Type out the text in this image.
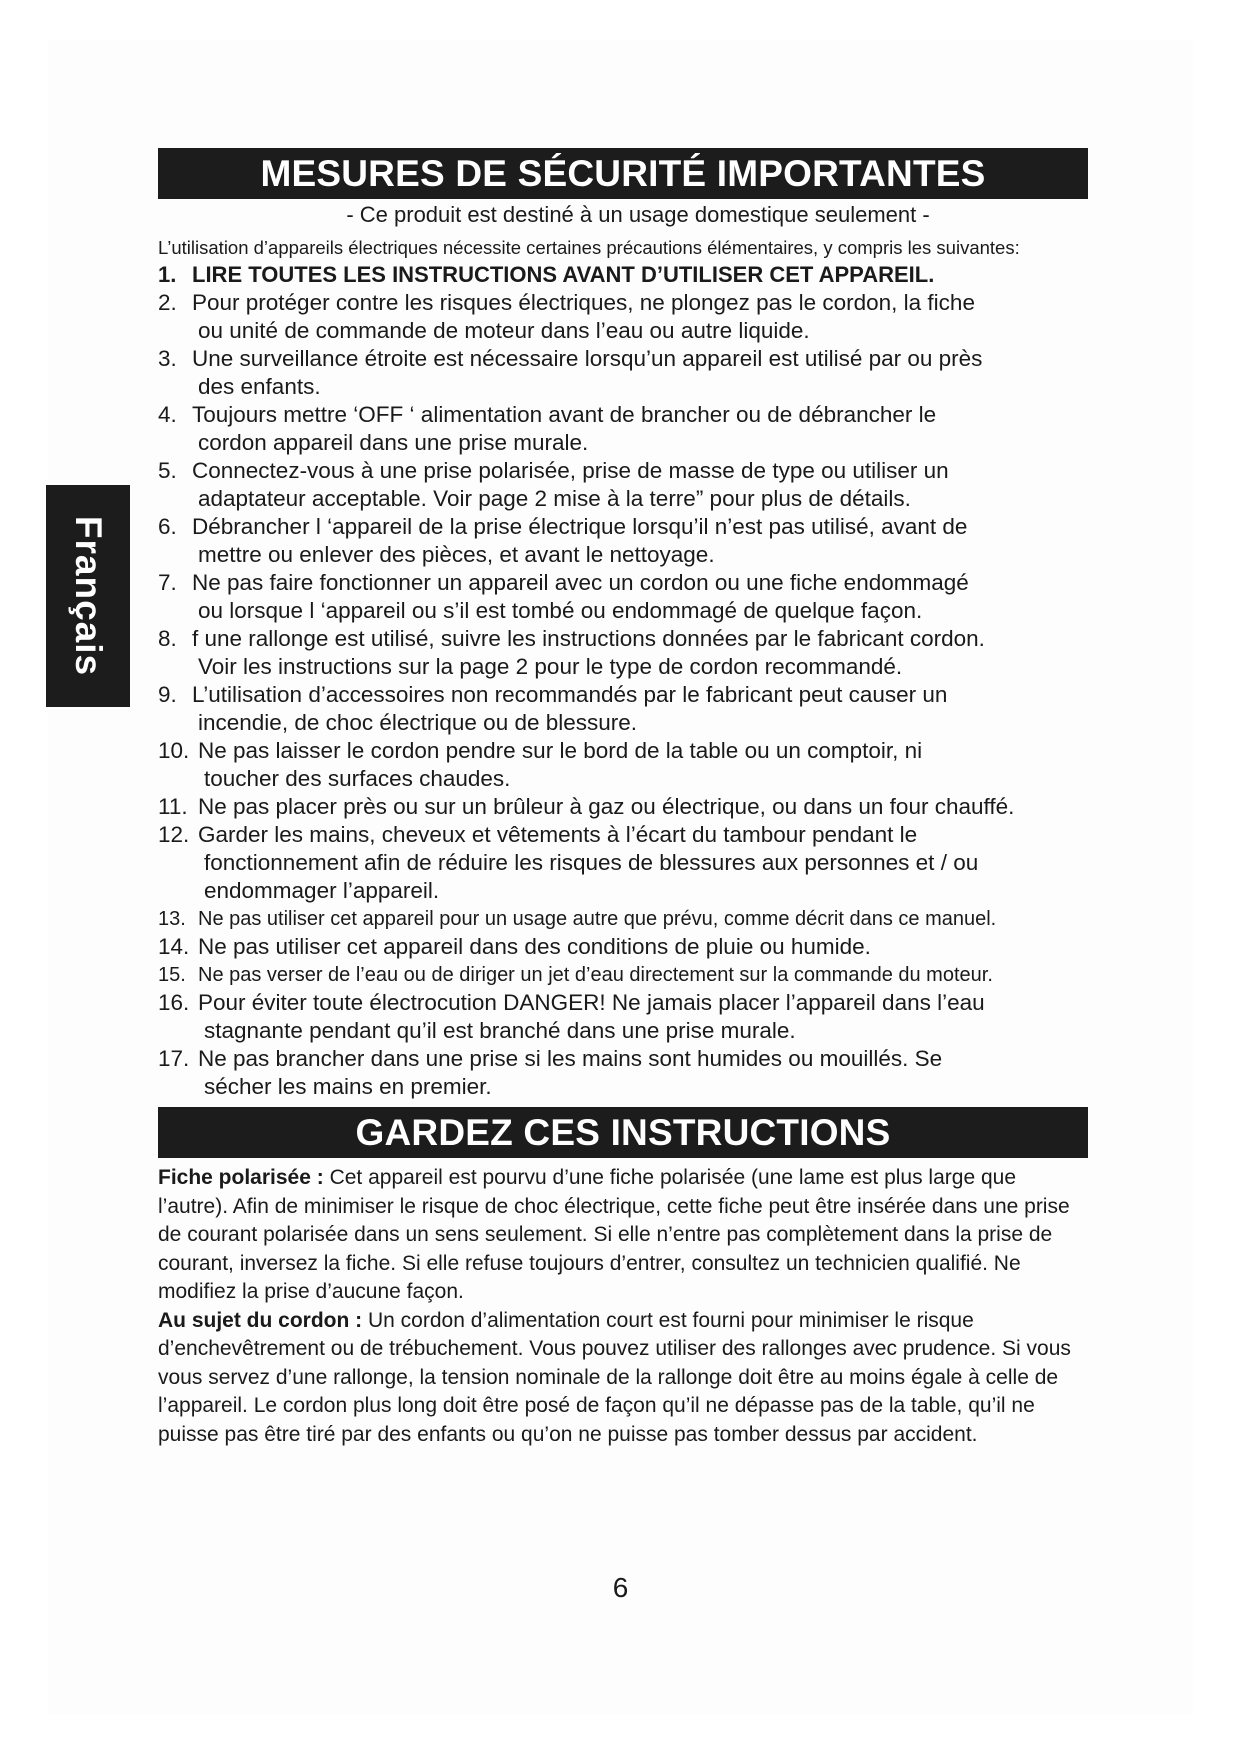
Français
MESURES DE SÉCURITÉ IMPORTANTES
- Ce produit est destiné à un usage domestique seulement -
L’utilisation d’appareils électriques nécessite certaines précautions élémentaires, y compris les suivantes:
1. LIRE TOUTES LES INSTRUCTIONS AVANT D’UTILISER CET APPAREIL.
2. Pour protéger contre les risques électriques, ne plongez pas le cordon, la fiche
ou unité de commande de moteur dans l’eau ou autre liquide.
3. Une surveillance étroite est nécessaire lorsqu’un appareil est utilisé par ou près
des enfants.
4. Toujours mettre ‘OFF ‘ alimentation avant de brancher ou de débrancher le
cordon appareil dans une prise murale.
5. Connectez-vous à une prise polarisée, prise de masse de type ou utiliser un
adaptateur acceptable. Voir page 2 mise à la terre” pour plus de détails.
6. Débrancher l ‘appareil de la prise électrique lorsqu’il n’est pas utilisé, avant de
mettre ou enlever des pièces, et avant le nettoyage.
7. Ne pas faire fonctionner un appareil avec un cordon ou une fiche endommagé
ou lorsque l ‘appareil ou s’il est tombé ou endommagé de quelque façon.
8. f une rallonge est utilisé, suivre les instructions données par le fabricant cordon.
Voir les instructions sur la page 2 pour le type de cordon recommandé.
9. L’utilisation d’accessoires non recommandés par le fabricant peut causer un
incendie, de choc électrique ou de blessure.
10. Ne pas laisser le cordon pendre sur le bord de la table ou un comptoir, ni
toucher des surfaces chaudes.
11. Ne pas placer près ou sur un brûleur à gaz ou électrique, ou dans un four chauffé.
12. Garder les mains, cheveux et vêtements à l’écart du tambour pendant le
fonctionnement afin de réduire les risques de blessures aux personnes et / ou
endommager l’appareil.
13. Ne pas utiliser cet appareil pour un usage autre que prévu, comme décrit dans ce manuel.
14. Ne pas utiliser cet appareil dans des conditions de pluie ou humide.
15. Ne pas verser de l’eau ou de diriger un jet d’eau directement sur la commande du moteur.
16. Pour éviter toute électrocution DANGER! Ne jamais placer l’appareil dans l’eau
stagnante pendant qu’il est branché dans une prise murale.
17. Ne pas brancher dans une prise si les mains sont humides ou mouillés. Se
sécher les mains en premier.
GARDEZ CES INSTRUCTIONS
Fiche polarisée : Cet appareil est pourvu d’une fiche polarisée (une lame est plus large que l’autre). Afin de minimiser le risque de choc électrique, cette fiche peut être insérée dans une prise de courant polarisée dans un sens seulement. Si elle n’entre pas complètement dans la prise de courant, inversez la fiche. Si elle refuse toujours d’entrer, consultez un technicien qualifié. Ne modifiez la prise d’aucune façon.
Au sujet du cordon : Un cordon d’alimentation court est fourni pour minimiser le risque d’enchevêtrement ou de trébuchement. Vous pouvez utiliser des rallonges avec prudence. Si vous vous servez d’une rallonge, la tension nominale de la rallonge doit être au moins égale à celle de l’appareil. Le cordon plus long doit être posé de façon qu’il ne dépasse pas de la table, qu’il ne puisse pas être tiré par des enfants ou qu’on ne puisse pas tomber dessus par accident.
6
